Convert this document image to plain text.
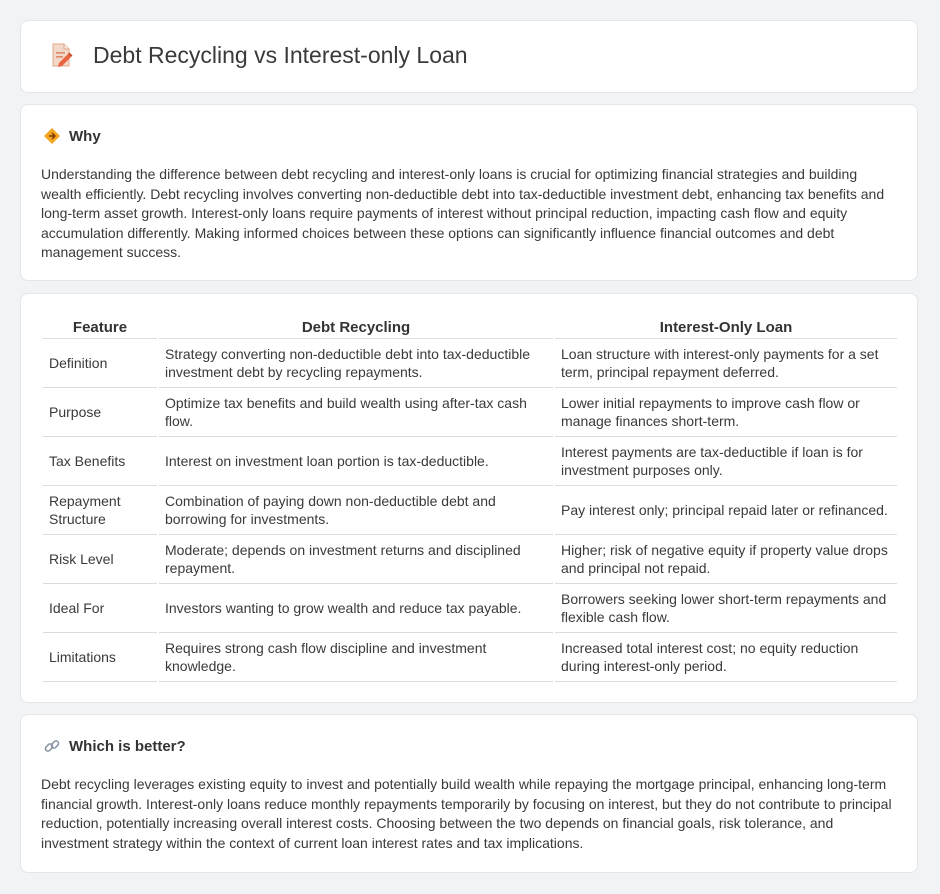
Debt Recycling vs Interest-only Loan
Why

Understanding the difference between debt recycling and interest-only loans is crucial for optimizing financial strategies and building wealth efficiently. Debt recycling involves converting non-deductible debt into tax-deductible investment debt, enhancing tax benefits and long-term asset growth. Interest-only loans require payments of interest without principal reduction, impacting cash flow and equity accumulation differently. Making informed choices between these options can significantly influence financial outcomes and debt management success.

Feature	Debt Recycling	Interest-Only Loan
Definition	Strategy converting non-deductible debt into tax-deductible investment debt by recycling repayments.	Loan structure with interest-only payments for a set term, principal repayment deferred.
Purpose	Optimize tax benefits and build wealth using after-tax cash flow.	Lower initial repayments to improve cash flow or manage finances short-term.
Tax Benefits	Interest on investment loan portion is tax-deductible.	Interest payments are tax-deductible if loan is for investment purposes only.
Repayment Structure	Combination of paying down non-deductible debt and borrowing for investments.	Pay interest only; principal repaid later or refinanced.
Risk Level	Moderate; depends on investment returns and disciplined repayment.	Higher; risk of negative equity if property value drops and principal not repaid.
Ideal For	Investors wanting to grow wealth and reduce tax payable.	Borrowers seeking lower short-term repayments and flexible cash flow.
Limitations	Requires strong cash flow discipline and investment knowledge.	Increased total interest cost; no equity reduction during interest-only period.
Which is better?

Debt recycling leverages existing equity to invest and potentially build wealth while repaying the mortgage principal, enhancing long-term financial growth. Interest-only loans reduce monthly repayments temporarily by focusing on interest, but they do not contribute to principal reduction, potentially increasing overall interest costs. Choosing between the two depends on financial goals, risk tolerance, and investment strategy within the context of current loan interest rates and tax implications.
